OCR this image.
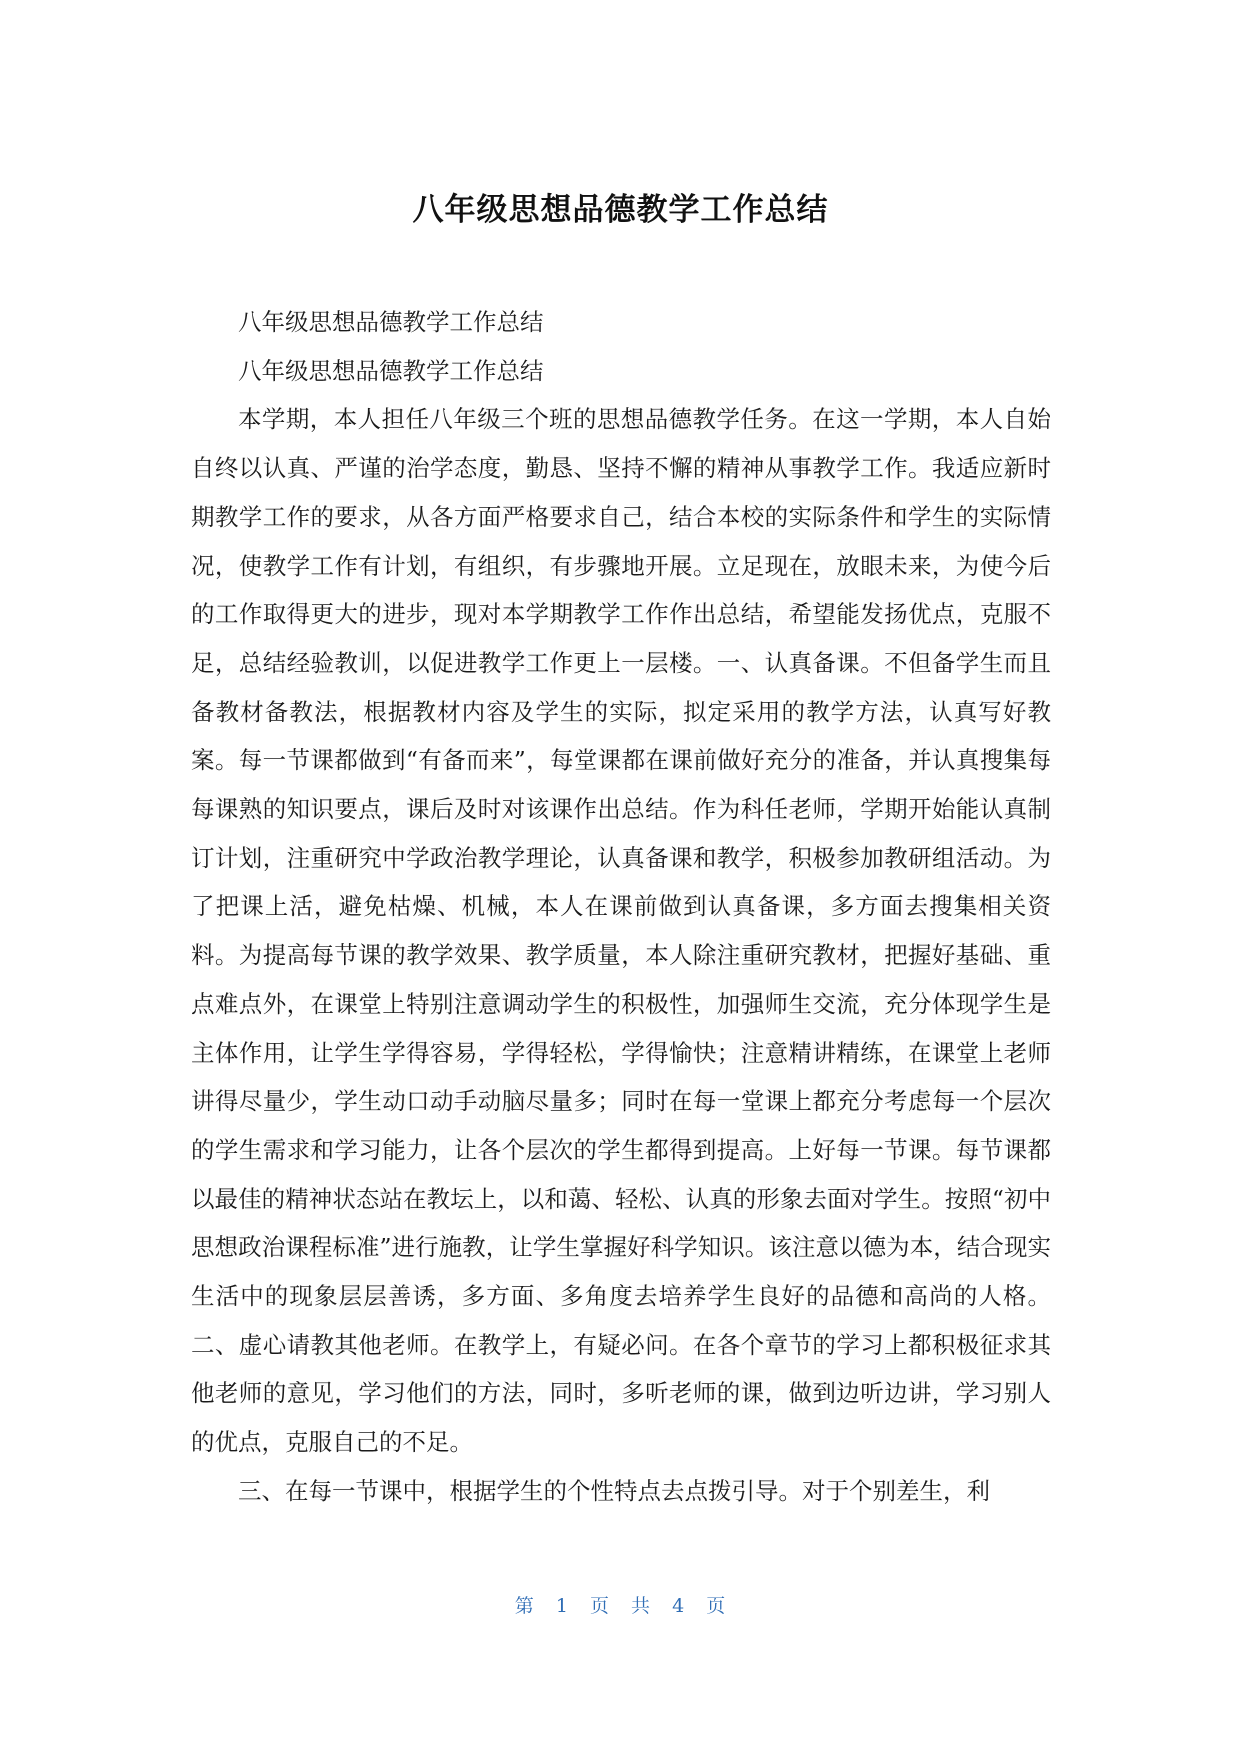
八年级思想品德教学工作总结

八年级思想品德教学工作总结

八年级思想品德教学工作总结

本学期，本人担任八年级三个班的思想品德教学任务。在这一学期，本人自始自终以认真、严谨的治学态度，勤恳、坚持不懈的精神从事教学工作。我适应新时期教学工作的要求，从各方面严格要求自己，结合本校的实际条件和学生的实际情况，使教学工作有计划，有组织，有步骤地开展。立足现在，放眼未来，为使今后的工作取得更大的进步，现对本学期教学工作作出总结，希望能发扬优点，克服不足，总结经验教训，以促进教学工作更上一层楼。一、认真备课。不但备学生而且备教材备教法，根据教材内容及学生的实际，拟定采用的教学方法，认真写好教案。每一节课都做到“有备而来”，每堂课都在课前做好充分的准备，并认真搜集每每课熟的知识要点，课后及时对该课作出总结。作为科任老师，学期开始能认真制订计划，注重研究中学政治教学理论，认真备课和教学，积极参加教研组活动。为了把课上活，避免枯燥、机械，本人在课前做到认真备课，多方面去搜集相关资料。为提高每节课的教学效果、教学质量，本人除注重研究教材，把握好基础、重点难点外，在课堂上特别注意调动学生的积极性，加强师生交流，充分体现学生是主体作用，让学生学得容易，学得轻松，学得愉快；注意精讲精练，在课堂上老师讲得尽量少，学生动口动手动脑尽量多；同时在每一堂课上都充分考虑每一个层次的学生需求和学习能力，让各个层次的学生都得到提高。上好每一节课。每节课都以最佳的精神状态站在教坛上，以和蔼、轻松、认真的形象去面对学生。按照“初中思想政治课程标准”进行施教，让学生掌握好科学知识。该注意以德为本，结合现实生活中的现象层层善诱，多方面、多角度去培养学生良好的品德和高尚的人格。二、虚心请教其他老师。在教学上，有疑必问。在各个章节的学习上都积极征求其他老师的意见，学习他们的方法，同时，多听老师的课，做到边听边讲，学习别人的优点，克服自己的不足。

三、在每一节课中，根据学生的个性特点去点拨引导。对于个别差生，利

第 1 页 共 4 页
